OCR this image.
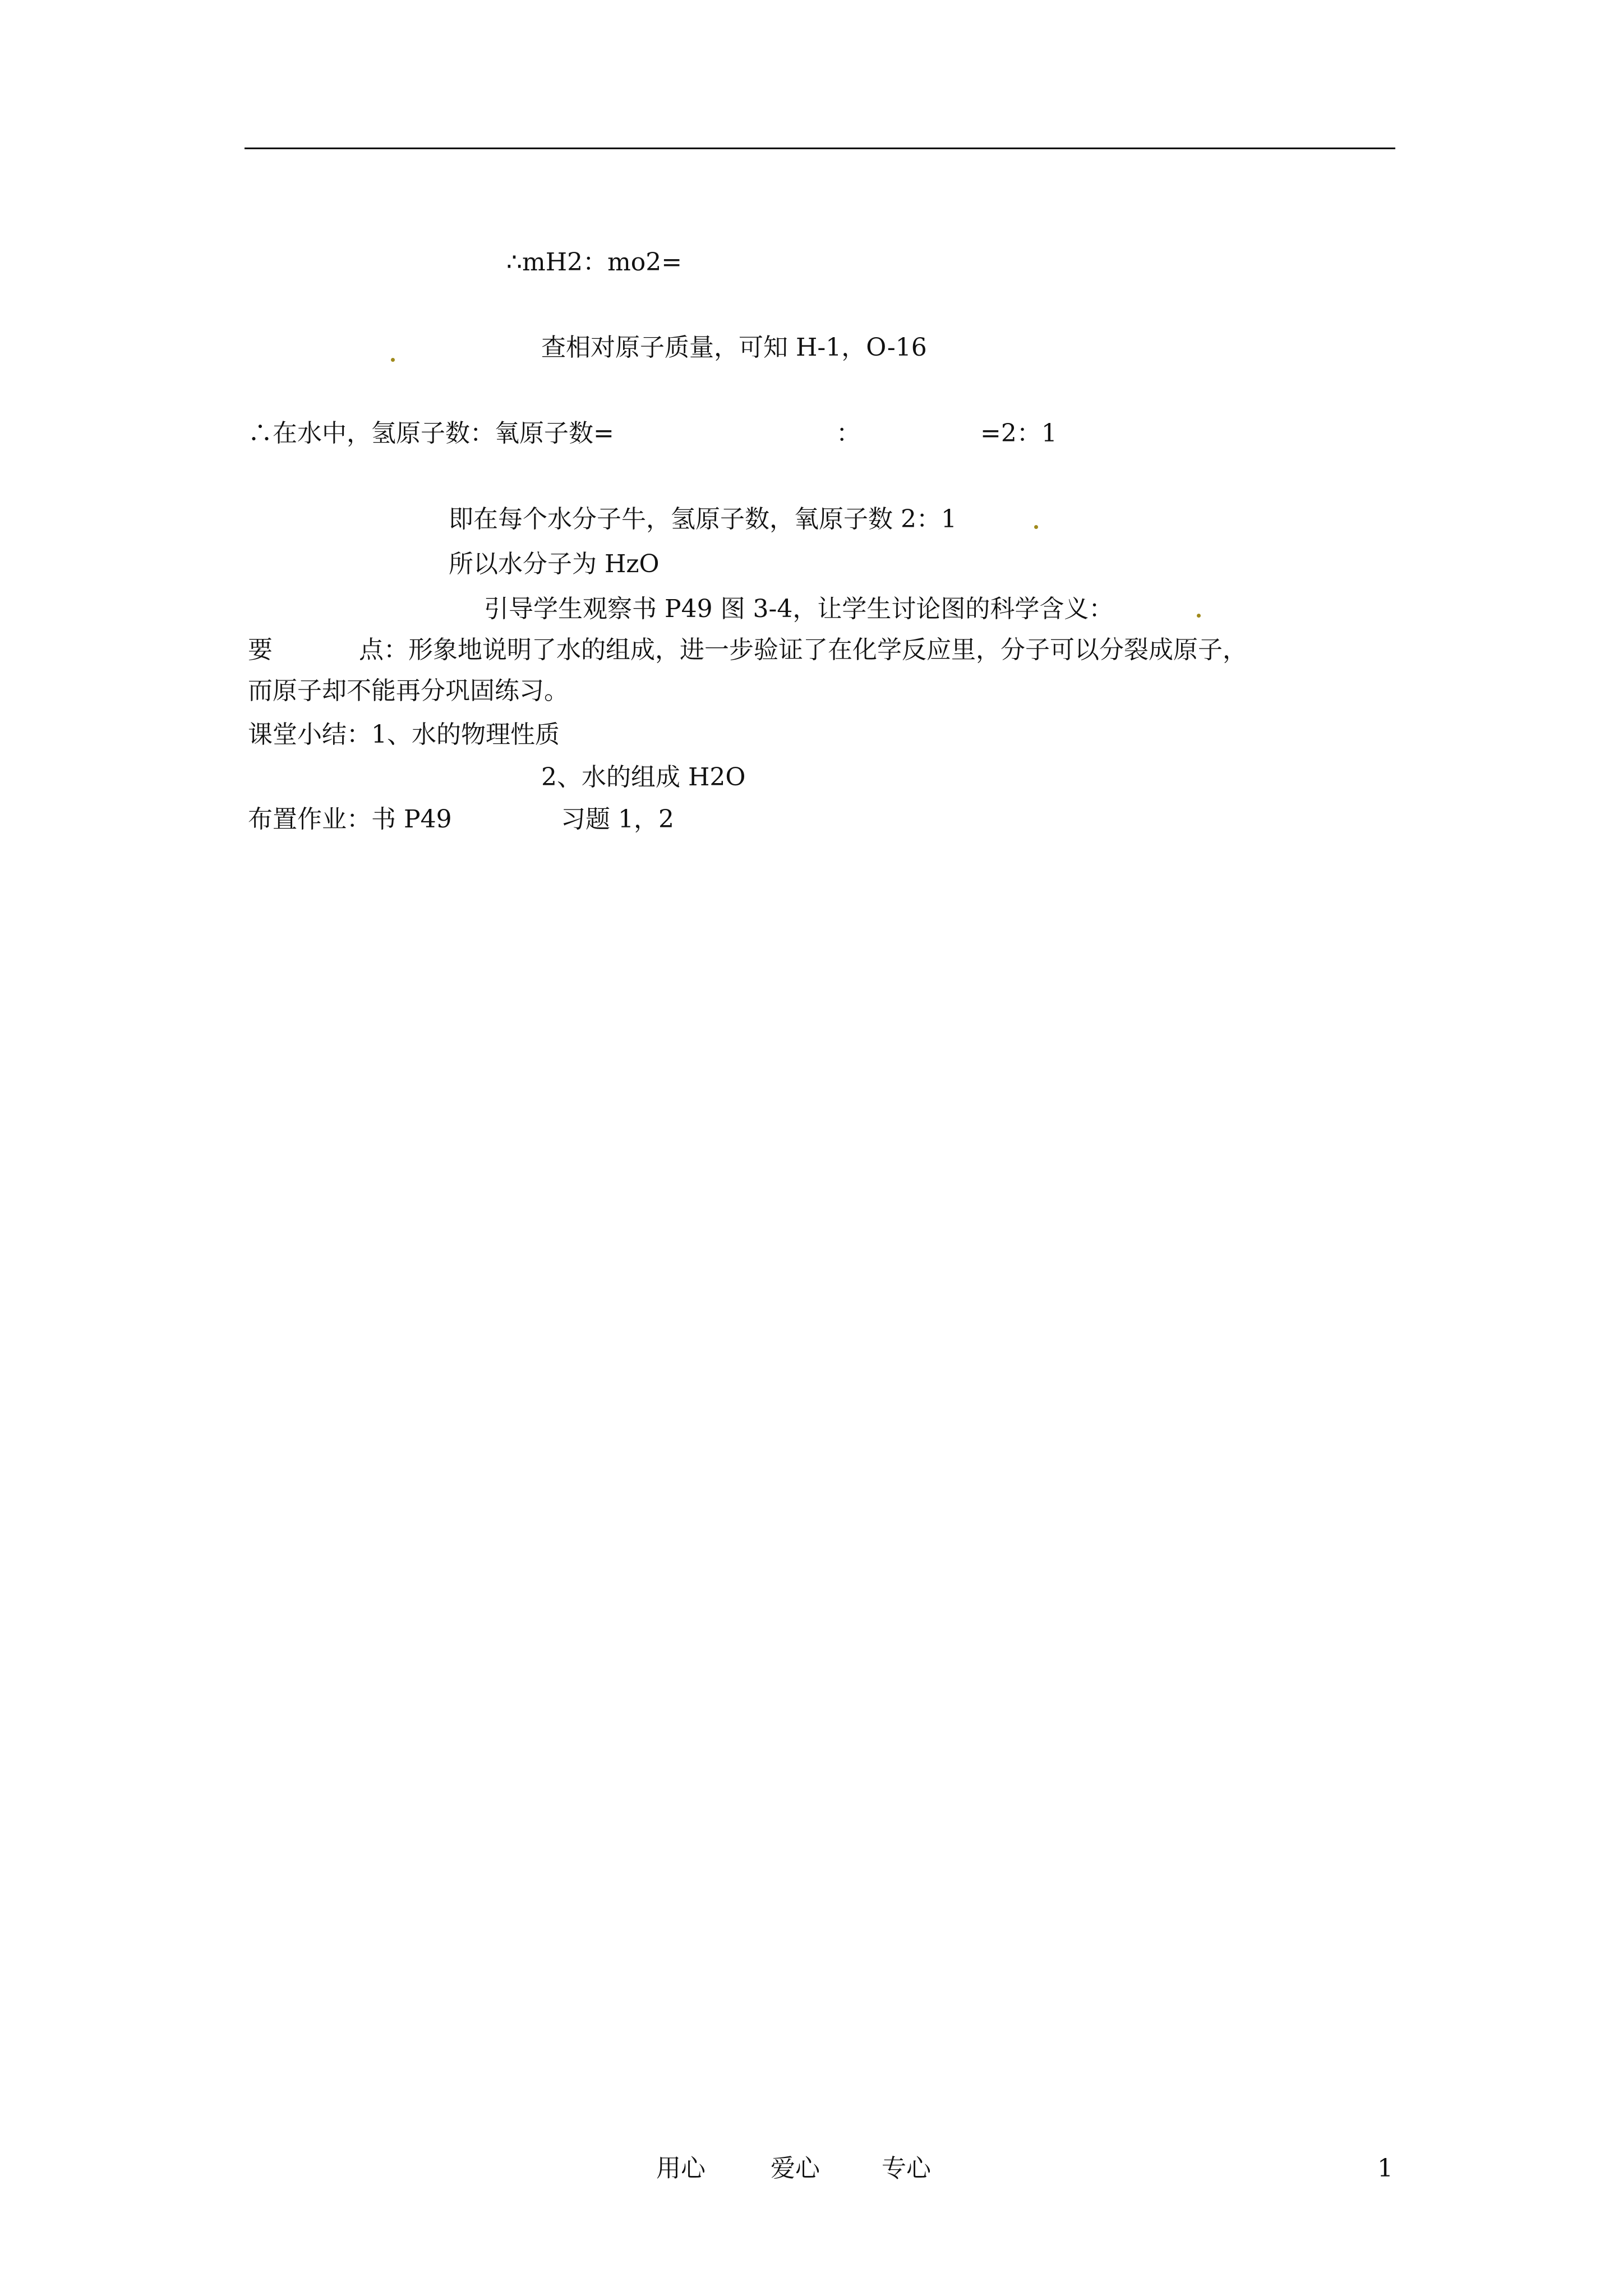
∴mH2：mo2=
查相对原子质量，可知 H-1，O-16
∴在水中，氢原子数：氧原子数=	：	=2：1
即在每个水分子牛，氢原子数，氧原子数 2：1
所以水分子为 HzO
引导学生观察书 P49 图 3-4，让学生讨论图的科学含义：
要	点：形象地说明了水的组成，进一步验证了在化学反应里，分子可以分裂成原子，
而原子却不能再分巩固练习。
课堂小结：1、水的物理性质
2、水的组成 H2O
布置作业：书 P49	习题 1，2
用心	爱心	专心	1
